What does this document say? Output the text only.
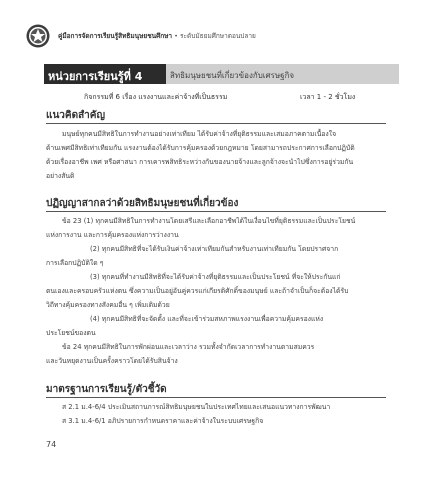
คู่มือการจัดการเรียนรู้สิทธิมนุษยชนศึกษา • ระดับมัธยมศึกษาตอนปลาย
หน่วยการเรียนรู้ที่ 4	สิทธิมนุษยชนที่เกี่ยวข้องกับเศรษฐกิจ
กิจกรรมที่ 6 เรื่อง แรงงานและค่าจ้างที่เป็นธรรม	เวลา 1 - 2 ชั่วโมง
แนวคิดสำคัญ
มนุษย์ทุกคนมีสิทธิในการทำงานอย่างเท่าเทียม ได้รับค่าจ้างที่ยุติธรรมและเสมอภาคตามเนื้องใจ
ด้านเพศมีสิทธิเท่าเทียมกัน แรงงานต้องได้รับการคุ้มครองด้วยกฎหมาย โดยสามารถประกาศการเลือกปฏิบัติ
ด้วยเรื่องอาชีพ เพศ หรือศาสนา การเคารพสิทธิระหว่างกันของนายจ้างและลูกจ้างจะนำไปซึ่งการอยู่ร่วมกัน
อย่างสันติ
ปฏิญญาสากลว่าด้วยสิทธิมนุษยชนที่เกี่ยวข้อง
ข้อ 23 (1) ทุกคนมีสิทธิในการทำงานโดยเสรีและเลือกอาชีพได้ในเงื่อนไขที่ยุติธรรมและเป็นประโยชน์
แห่งการงาน และการคุ้มครองแห่งการว่างงาน
(2) ทุกคนมีสิทธิที่จะได้รับเงินค่าจ้างเท่าเทียมกันสำหรับงานเท่าเทียมกัน โดยปราศจาก
การเลือกปฏิบัติใด ๆ
(3) ทุกคนที่ทำงานมีสิทธิที่จะได้รับค่าจ้างที่ยุติธรรมและเป็นประโยชน์ ที่จะให้ประกันแก่
ตนเองและครอบครัวแห่งตน ซึ่งความเป็นอยู่อันคู่ควรแก่เกียรติศักดิ์ของมนุษย์ และถ้าจำเป็นก็จะต้องได้รับ
วิถีทางคุ้มครองทางสังคมอื่น ๆ เพิ่มเติมด้วย
(4) ทุกคนมีสิทธิที่จะจัดตั้ง และที่จะเข้าร่วมสหภาพแรงงานเพื่อความคุ้มครองแห่ง
ประโยชน์ของตน
ข้อ 24 ทุกคนมีสิทธิในการพักผ่อนและเวลาว่าง รวมทั้งจำกัดเวลาการทำงานตามสมควร
และวันหยุดงานเป็นครั้งคราวโดยได้รับสินจ้าง
มาตรฐานการเรียนรู้/ตัวชี้วัด
ส 2.1 ม.4-6/4 ประเมินสถานการณ์สิทธิมนุษยชนในประเทศไทยและเสนอแนวทางการพัฒนา
ส 3.1 ม.4-6/1 อภิปรายการกำหนดราคาและค่าจ้างในระบบเศรษฐกิจ
74
